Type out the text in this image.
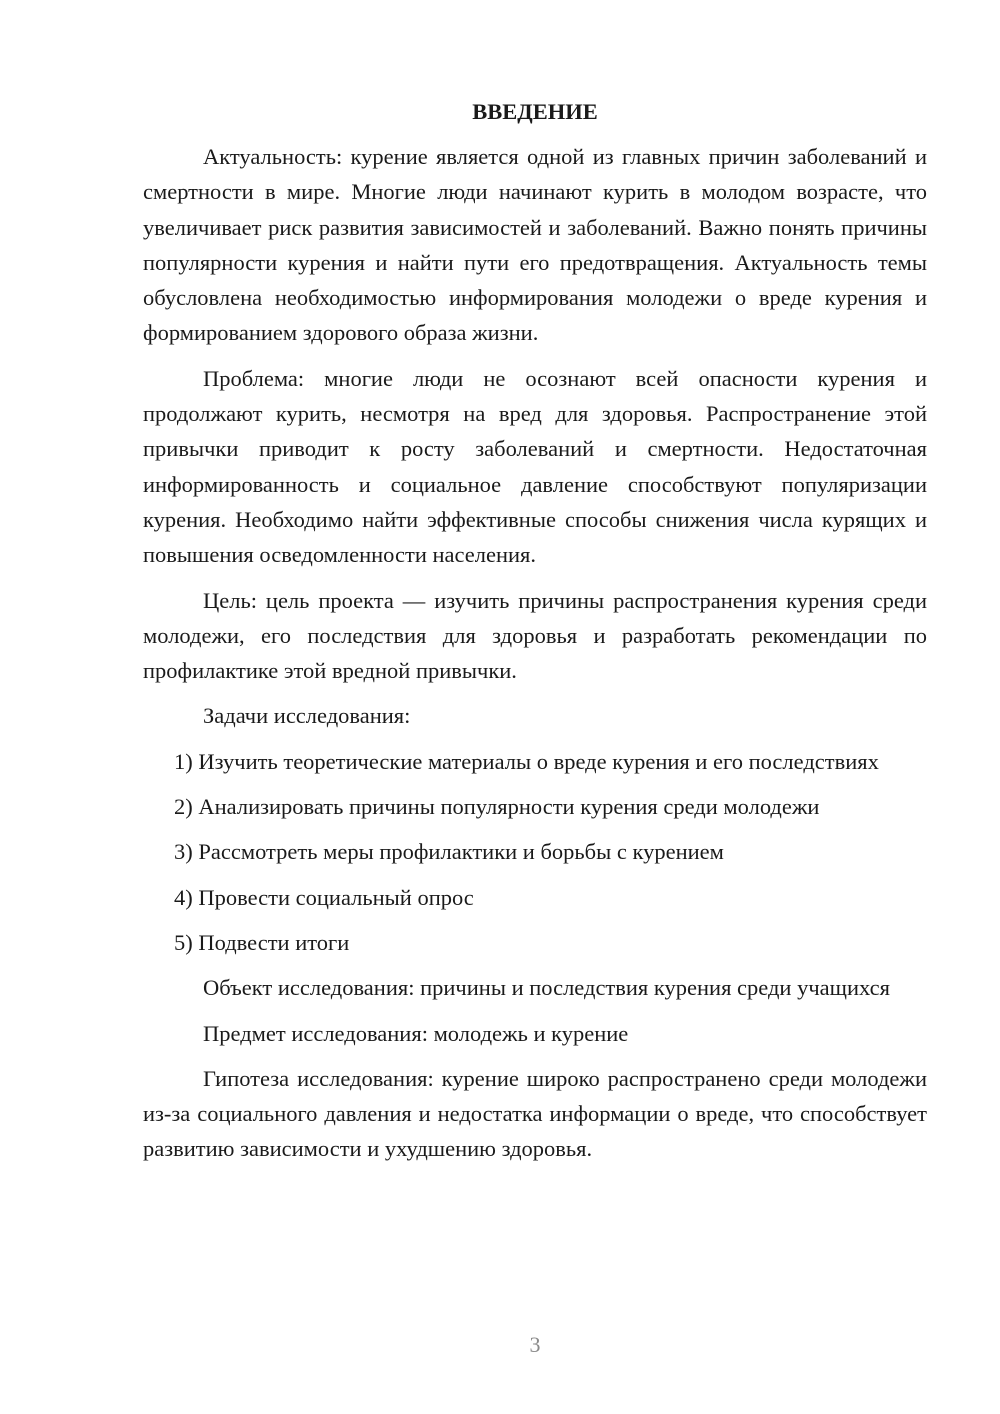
ВВЕДЕНИЕ

Актуальность: курение является одной из главных причин заболеваний и смертности в мире. Многие люди начинают курить в молодом возрасте, что увеличивает риск развития зависимостей и заболеваний. Важно понять причины популярности курения и найти пути его предотвращения. Актуальность темы обусловлена необходимостью информирования молодежи о вреде курения и формированием здорового образа жизни.

Проблема: многие люди не осознают всей опасности курения и продолжают курить, несмотря на вред для здоровья. Распространение этой привычки приводит к росту заболеваний и смертности. Недостаточная информированность и социальное давление способствуют популяризации курения. Необходимо найти эффективные способы снижения числа курящих и повышения осведомленности населения.

Цель: цель проекта — изучить причины распространения курения среди молодежи, его последствия для здоровья и разработать рекомендации по профилактике этой вредной привычки.

Задачи исследования:

1) Изучить теоретические материалы о вреде курения и его последствиях
2) Анализировать причины популярности курения среди молодежи
3) Рассмотреть меры профилактики и борьбы с курением
4) Провести социальный опрос
5) Подвести итоги

Объект исследования: причины и последствия курения среди учащихся

Предмет исследования: молодежь и курение

Гипотеза исследования: курение широко распространено среди молодежи из-за социального давления и недостатка информации о вреде, что способствует развитию зависимости и ухудшению здоровья.

3
